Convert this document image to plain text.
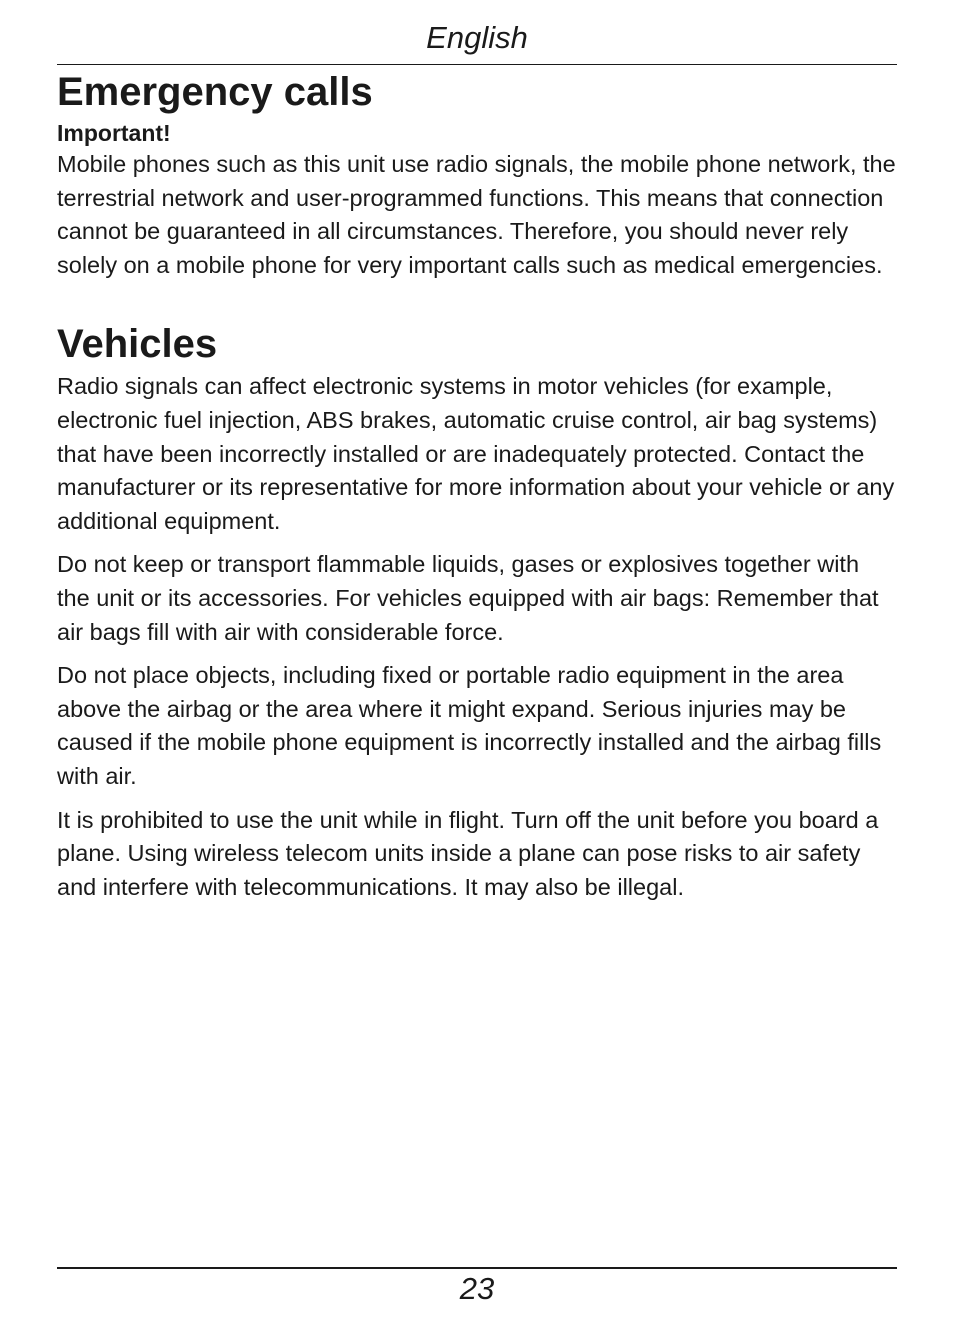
English
Emergency calls
Important!

Mobile phones such as this unit use radio signals, the mobile phone network, the terrestrial network and user-programmed functions. This means that connection cannot be guaranteed in all circumstances. Therefore, you should never rely solely on a mobile phone for very important calls such as medical emergencies.

Vehicles

Radio signals can affect electronic systems in motor vehicles (for example, electronic fuel injection, ABS brakes, automatic cruise control, air bag systems) that have been incorrectly installed or are inadequately protected. Contact the manufacturer or its representative for more information about your vehicle or any additional equipment.

Do not keep or transport flammable liquids, gases or explosives together with the unit or its accessories. For vehicles equipped with air bags: Remember that air bags fill with air with considerable force.

Do not place objects, including fixed or portable radio equipment in the area above the airbag or the area where it might expand. Serious injuries may be caused if the mobile phone equipment is incorrectly installed and the airbag fills with air.

It is prohibited to use the unit while in flight. Turn off the unit before you board a plane. Using wireless telecom units inside a plane can pose risks to air safety and interfere with telecommunications. It may also be illegal.

23
